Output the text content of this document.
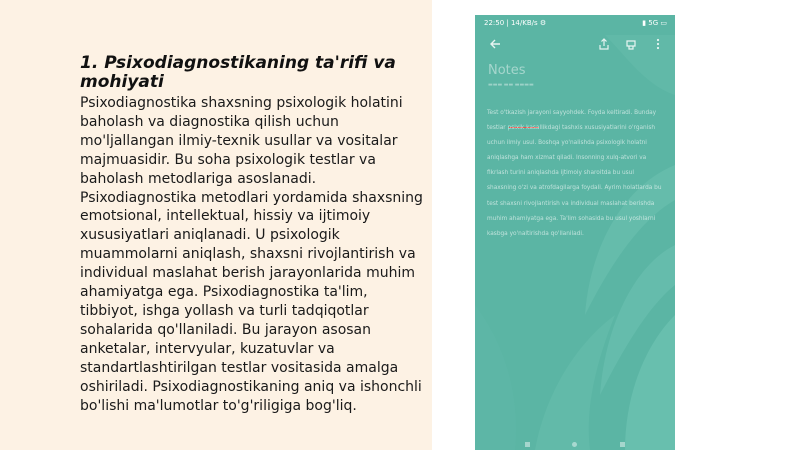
1. Psixodiagnostikaning ta'rifi va mohiyati

Psixodiagnostika shaxsning psixologik holatini baholash va diagnostika qilish uchun mo'ljallangan ilmiy-texnik usullar va vositalar majmuasidir. Bu soha psixologik testlar va baholash metodlariga asoslanadi. Psixodiagnostika metodlari yordamida shaxsning emotsional, intellektual, hissiy va ijtimoiy xususiyatlari aniqlanadi. U psixologik muammolarni aniqlash, shaxsni rivojlantirish va individual maslahat berish jarayonlarida muhim ahamiyatga ega. Psixodiagnostika ta'lim, tibbiyot, ishga yollash va turli tadqiqotlar sohalarida qo'llaniladi. Bu jarayon asosan anketalar, intervyular, kuzatuvlar va standartlashtirilgan testlar vositasida amalga oshiriladi. Psixodiagnostikaning aniq va ishonchli bo'lishi ma'lumotlar to'g'riligiga bog'liq.

22:50 | 14/KB/s ⚙	▮ 5G ▭
Notes
▬▬▬ ▬▬ ▬▬▬▬
Test o'tkazish jarayoni sayyohdek. Foyda keltiradi. Bunday testlar psixik kasallikdagi tashxis xususiyatlarini o'rganish uchun ilmiy usul. Boshqa yo'nalishda psixologik holatni aniqlashga ham xizmat qiladi. Insonning xulq-atvori va fikrlash turini aniqlashda ijtimoiy sharoitda bu usul shaxsning o'zi va atrofdagilarga foydali. Ayrim holatlarda bu test shaxsni rivojlantirish va individual maslahat berishda muhim ahamiyatga ega. Ta'lim sohasida bu usul yoshlarni kasbga yo'naltirishda qo'llaniladi.
